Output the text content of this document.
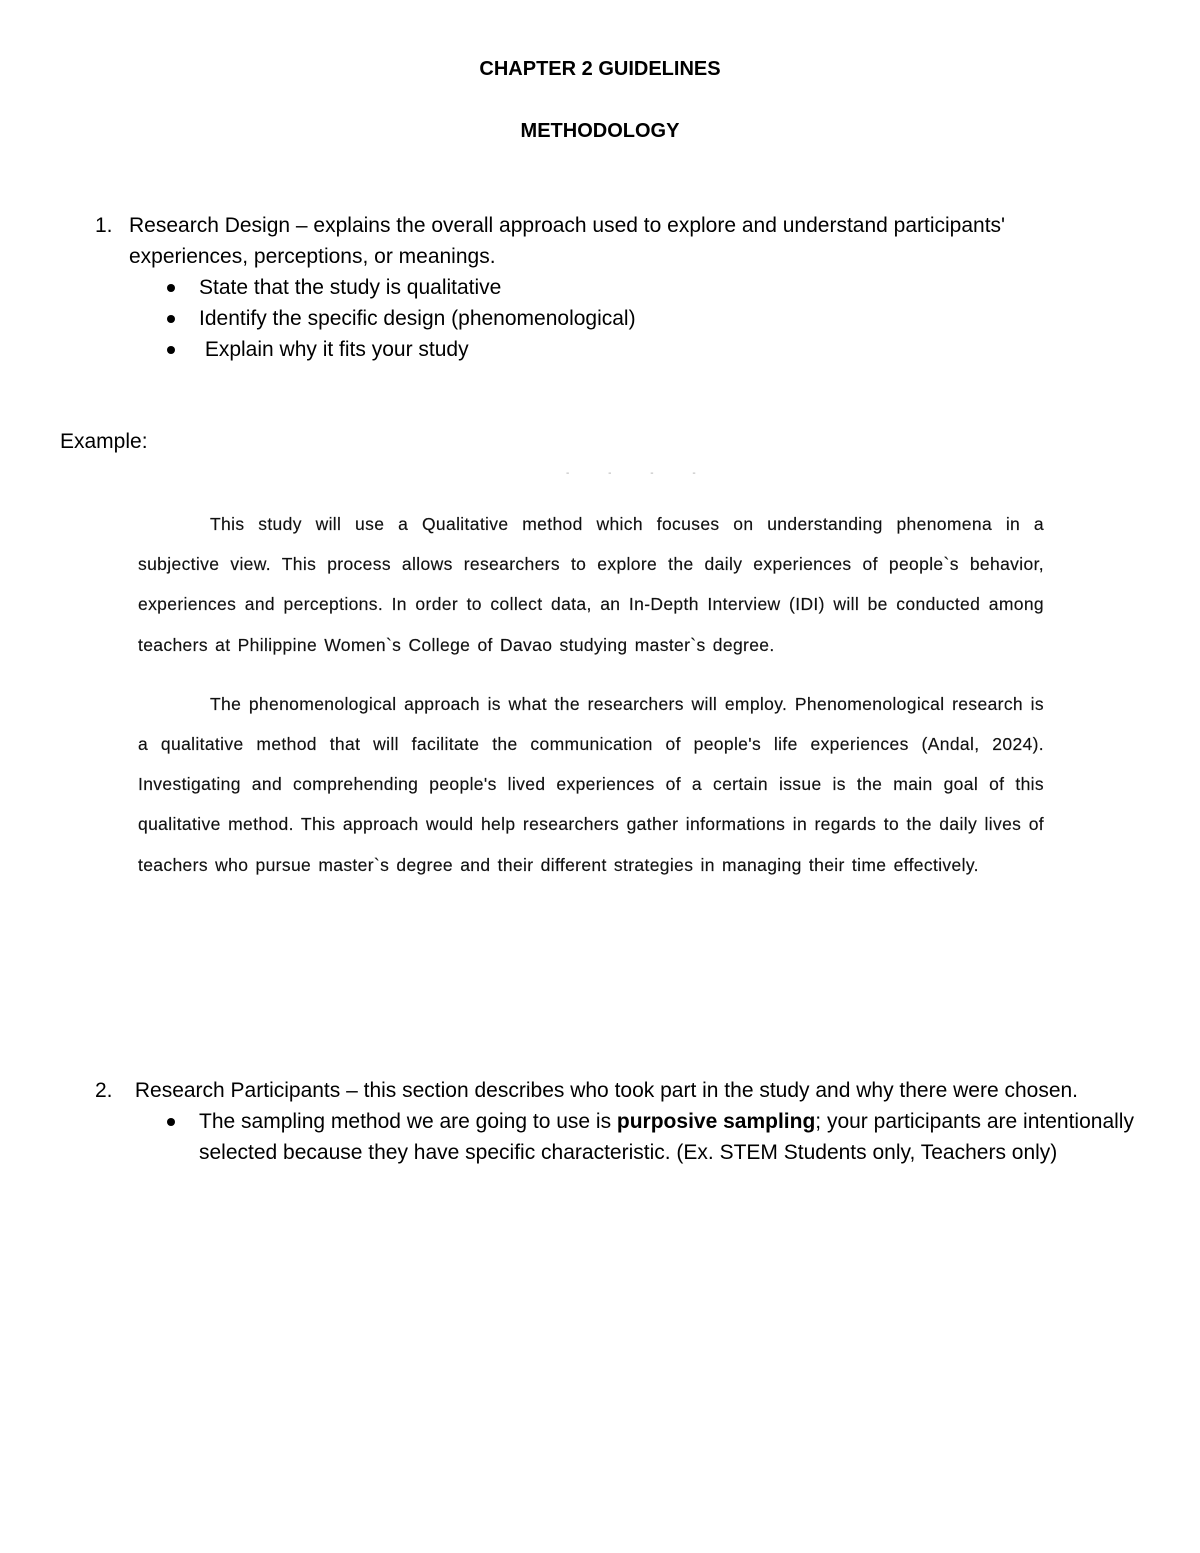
CHAPTER 2 GUIDELINES
METHODOLOGY
1. Research Design – explains the overall approach used to explore and understand participants' experiences, perceptions, or meanings.
State that the study is qualitative
Identify the specific design (phenomenological)
Explain why it fits your study
Example:
- - - -

This study will use a Qualitative method which focuses on understanding phenomena in a subjective view. This process allows researchers to explore the daily experiences of people`s behavior, experiences and perceptions. In order to collect data, an In-Depth Interview (IDI) will be conducted among teachers at Philippine Women`s College of Davao studying master`s degree.

The phenomenological approach is what the researchers will employ. Phenomenological research is a qualitative method that will facilitate the communication of people's life experiences (Andal, 2024). Investigating and comprehending people's lived experiences of a certain issue is the main goal of this qualitative method. This approach would help researchers gather informations in regards to the daily lives of teachers who pursue master`s degree and their different strategies in managing their time effectively.

2. Research Participants – this section describes who took part in the study and why there were chosen.
The sampling method we are going to use is purposive sampling; your participants are intentionally selected because they have specific characteristic. (Ex. STEM Students only, Teachers only)
